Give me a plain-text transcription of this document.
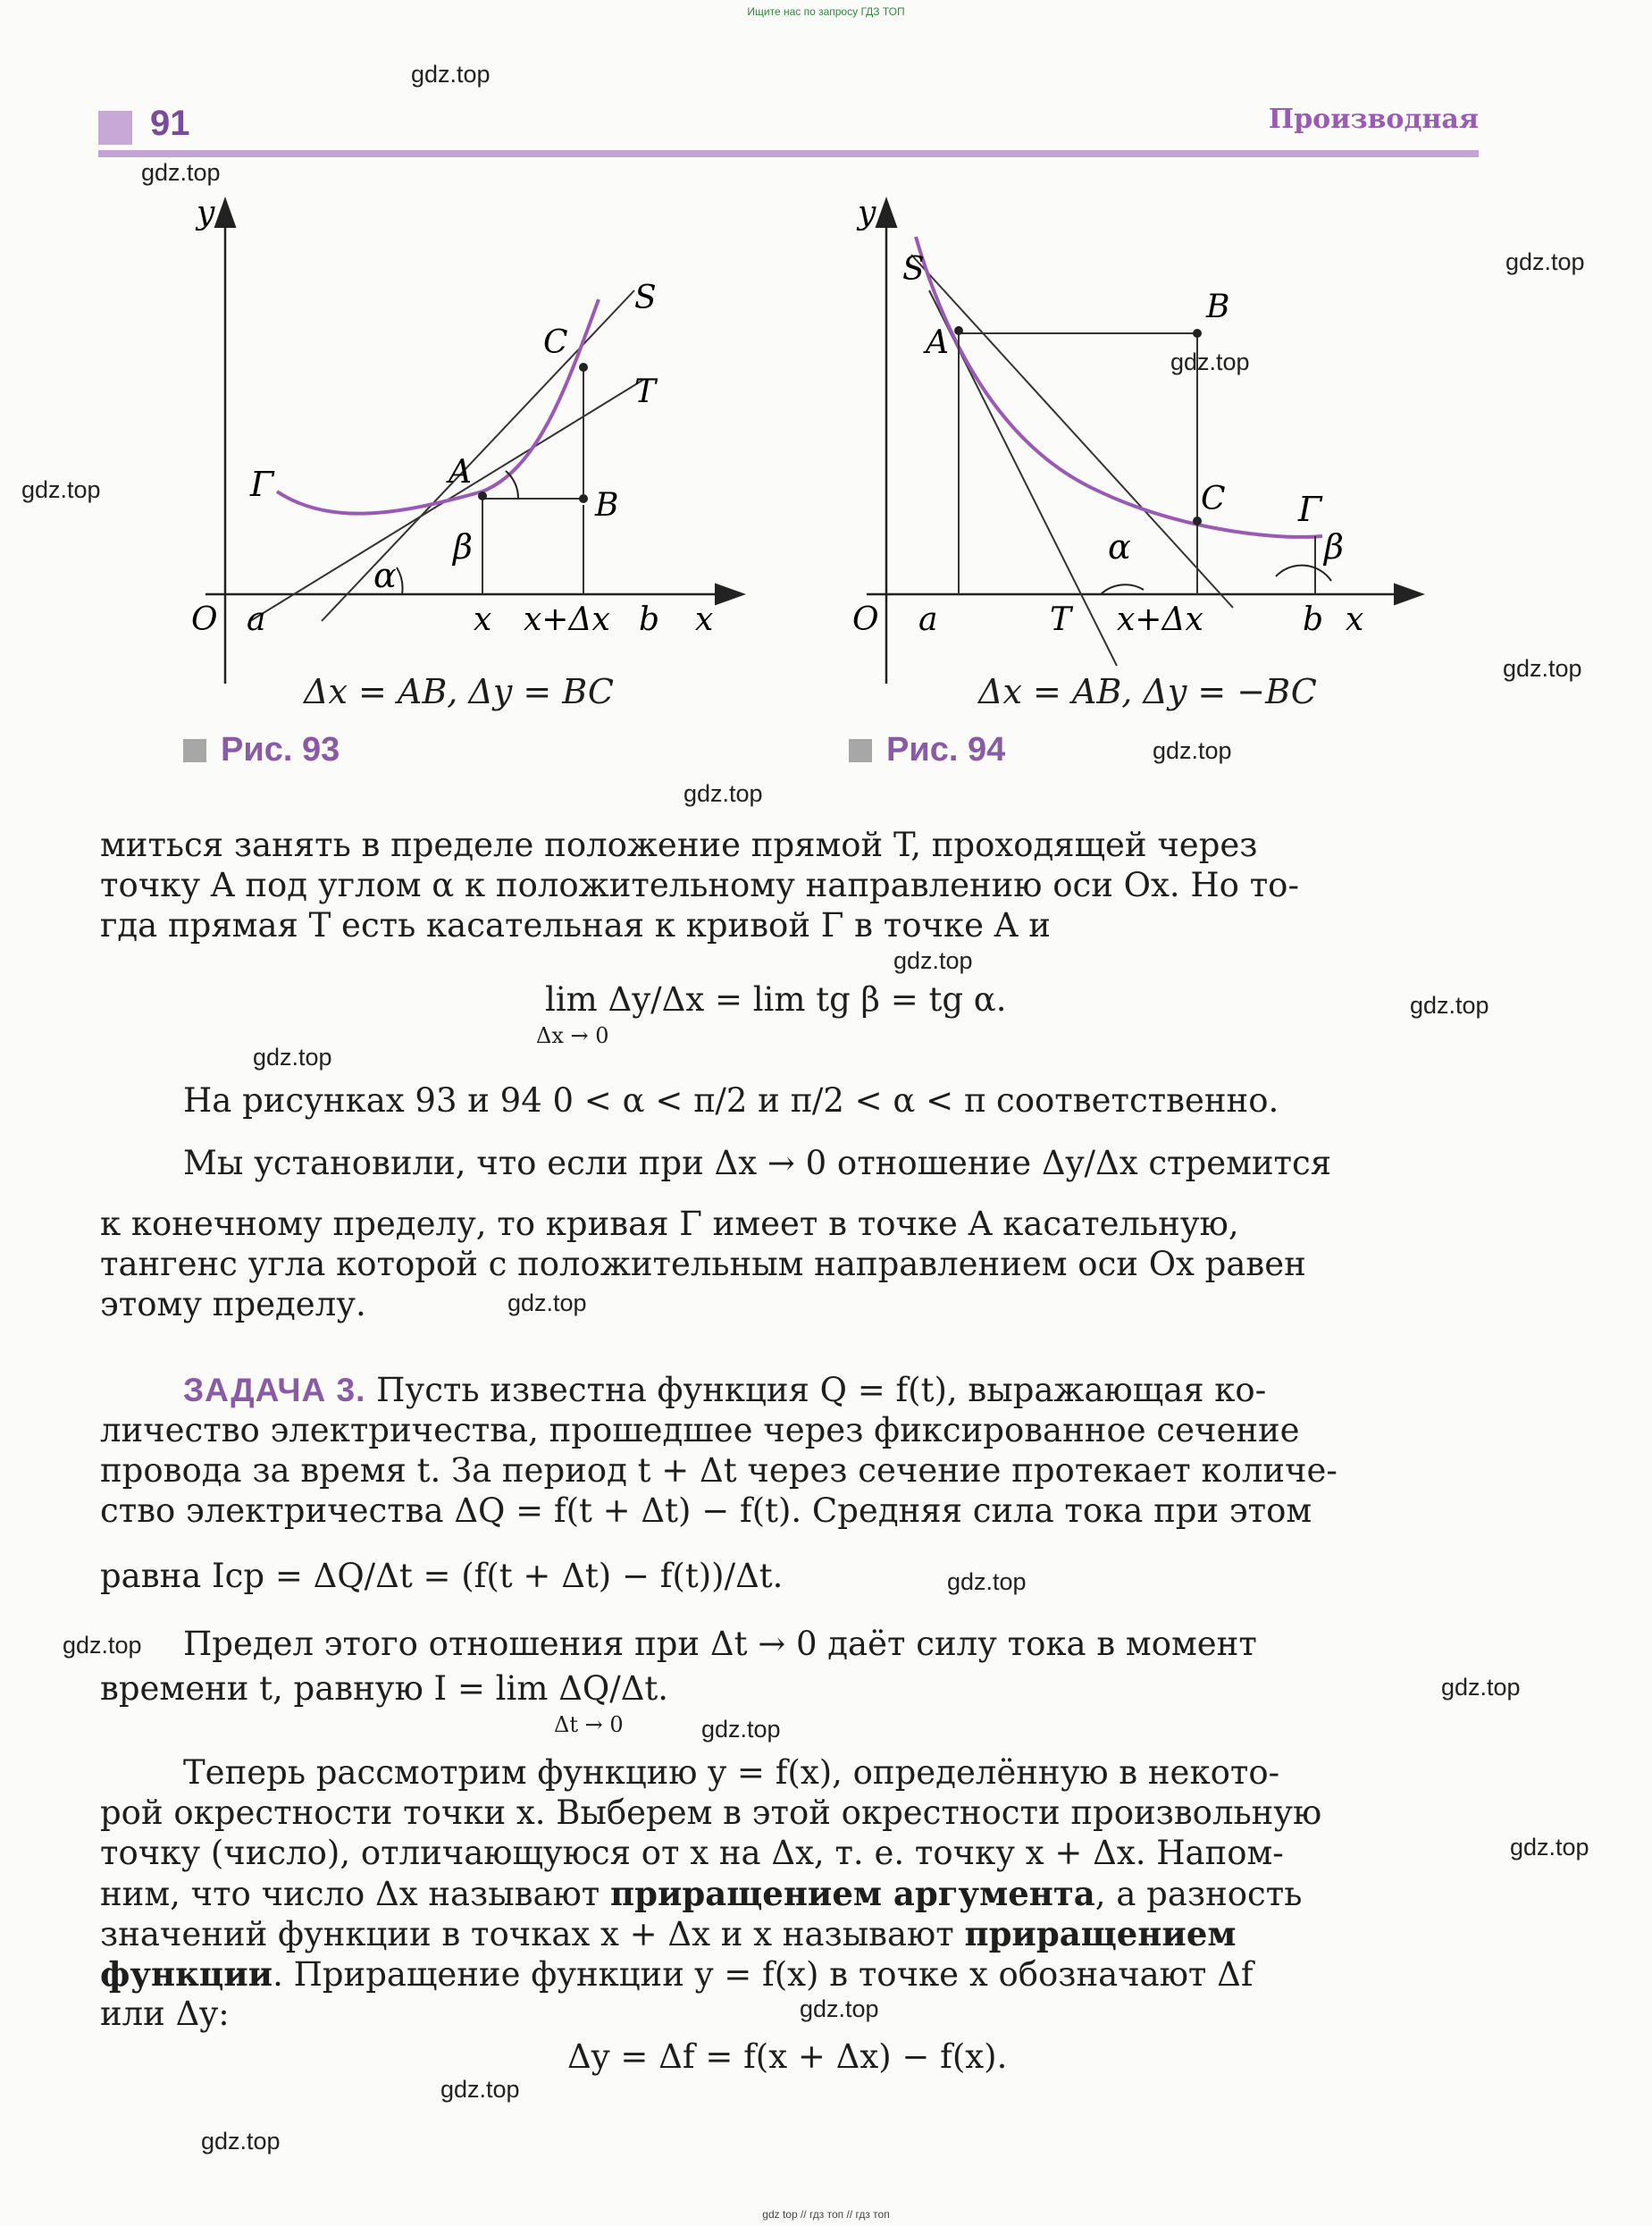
Ищите нас по запросу ГДЗ ТОП
91	Производная
y
O a	x x+Δx b x
S
C
T
A
B
Γ
α
β
Δx = AB, Δy = BC
Рис. 93
y
O a	T x+Δx	b x
S
A
B
C Γ
α	β
Δx = AB, Δy = −BC
Рис. 94
миться занять в пределе положение прямой T, проходящей через
точку A под углом α к положительному направлению оси Ox. Но то-
гда прямая T есть касательная к кривой Γ в точке A и
lim Δy/Δx = lim tg β = tg α.
Δx → 0
На рисунках 93 и 94 0 < α < π/2 и π/2 < α < π соответственно.
Мы установили, что если при Δx → 0 отношение Δy/Δx стремится
к конечному пределу, то кривая Γ имеет в точке A касательную,
тангенс угла которой с положительным направлением оси Ox равен
этому пределу.
ЗАДАЧА 3. Пусть известна функция Q = f(t), выражающая ко-
личество электричества, прошедшее через фиксированное сечение
провода за время t. За период t + Δt через сечение протекает количе-
ство электричества ΔQ = f(t + Δt) − f(t). Средняя сила тока при этом
равна Iср = ΔQ/Δt = (f(t + Δt) − f(t))/Δt.
Предел этого отношения при Δt → 0 даёт силу тока в момент
времени t, равную I = lim ΔQ/Δt.
Δt → 0
Теперь рассмотрим функцию y = f(x), определённую в некото-
рой окрестности точки x. Выберем в этой окрестности произвольную
точку (число), отличающуюся от x на Δx, т. е. точку x + Δx. Напом-
ним, что число Δx называют приращением аргумента, а разность
значений функции в точках x + Δx и x называют приращением
функции. Приращение функции y = f(x) в точке x обозначают Δf
или Δy:
Δy = Δf = f(x + Δx) − f(x).
gdz.top
gdz.top
gdz.top
gdz.top
gdz.top
gdz.top
gdz.top
gdz.top
gdz.top
gdz.top
gdz.top
gdz.top
gdz.top
gdz.top
gdz.top
gdz.top
gdz.top
gdz.top
gdz.top
gdz.top
gdz top // гдз топ // гдз топ
